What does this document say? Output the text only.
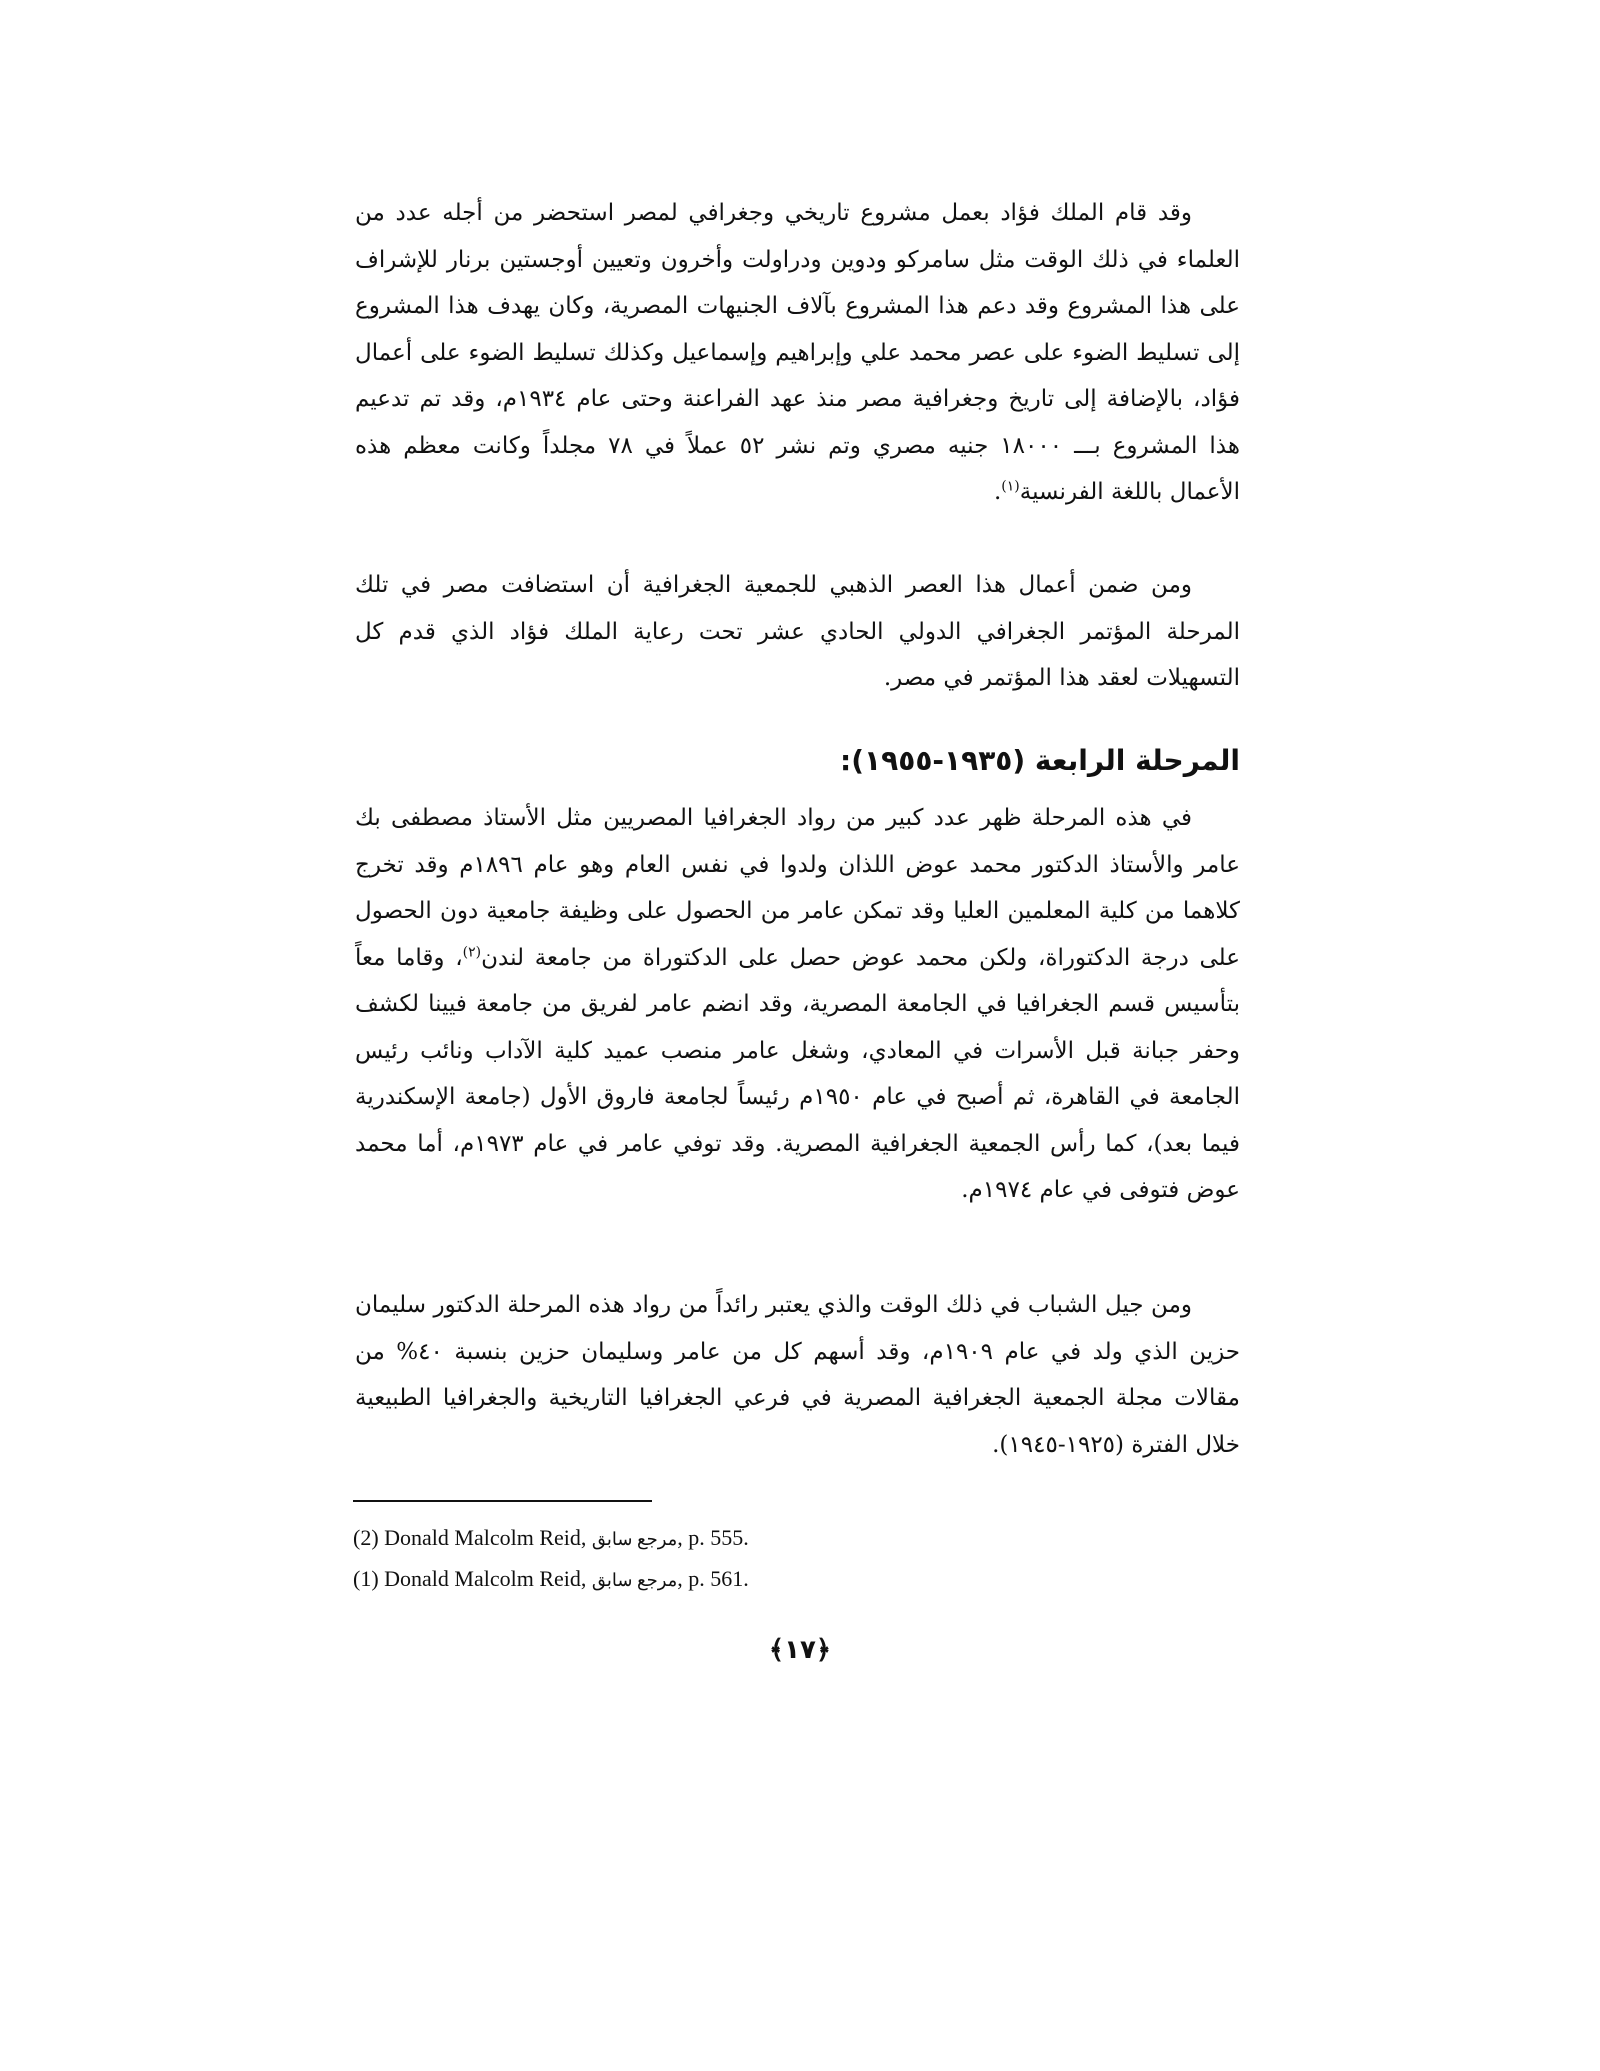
وقد قام الملك فؤاد بعمل مشروع تاريخي وجغرافي لمصر استحضر من أجله عدد من العلماء في ذلك الوقت مثل سامركو ودوين ودراولت وأخرون وتعيين أوجستين برنار للإشراف على هذا المشروع وقد دعم هذا المشروع بآلاف الجنيهات المصرية، وكان يهدف هذا المشروع إلى تسليط الضوء على عصر محمد علي وإبراهيم وإسماعيل وكذلك تسليط الضوء على أعمال فؤاد، بالإضافة إلى تاريخ وجغرافية مصر منذ عهد الفراعنة وحتى عام ١٩٣٤م، وقد تم تدعيم هذا المشروع بـــ ١٨٠٠٠ جنيه مصري وتم نشر ٥٢ عملاً في ٧٨ مجلداً وكانت معظم هذه الأعمال باللغة الفرنسية$^{(١)}$.

ومن ضمن أعمال هذا العصر الذهبي للجمعية الجغرافية أن استضافت مصر في تلك المرحلة المؤتمر الجغرافي الدولي الحادي عشر تحت رعاية الملك فؤاد الذي قدم كل التسهيلات لعقد هذا المؤتمر في مصر.

المرحلة الرابعة (١٩٣٥-١٩٥٥):

في هذه المرحلة ظهر عدد كبير من رواد الجغرافيا المصريين مثل الأستاذ مصطفى بك عامر والأستاذ الدكتور محمد عوض اللذان ولدوا في نفس العام وهو عام ١٨٩٦م وقد تخرج كلاهما من كلية المعلمين العليا وقد تمكن عامر من الحصول على وظيفة جامعية دون الحصول على درجة الدكتوراة، ولكن محمد عوض حصل على الدكتوراة من جامعة لندن$^{(٢)}$، وقاما معاً بتأسيس قسم الجغرافيا في الجامعة المصرية، وقد انضم عامر لفريق من جامعة فيينا لكشف وحفر جبانة قبل الأسرات في المعادي، وشغل عامر منصب عميد كلية الآداب ونائب رئيس الجامعة في القاهرة، ثم أصبح في عام ١٩٥٠م رئيساً لجامعة فاروق الأول (جامعة الإسكندرية فيما بعد)، كما رأس الجمعية الجغرافية المصرية. وقد توفي عامر في عام ١٩٧٣م، أما محمد عوض فتوفى في عام ١٩٧٤م.

ومن جيل الشباب في ذلك الوقت والذي يعتبر رائداً من رواد هذه المرحلة الدكتور سليمان حزين الذي ولد في عام ١٩٠٩م، وقد أسهم كل من عامر وسليمان حزين بنسبة ٤٠% من مقالات مجلة الجمعية الجغرافية المصرية في فرعي الجغرافيا التاريخية والجغرافيا الطبيعية خلال الفترة (١٩٢٥-١٩٤٥).

(2) Donald Malcolm Reid, مرجع سابق, p. 555.

(1) Donald Malcolm Reid, مرجع سابق, p. 561.

﴿١٧﴾
